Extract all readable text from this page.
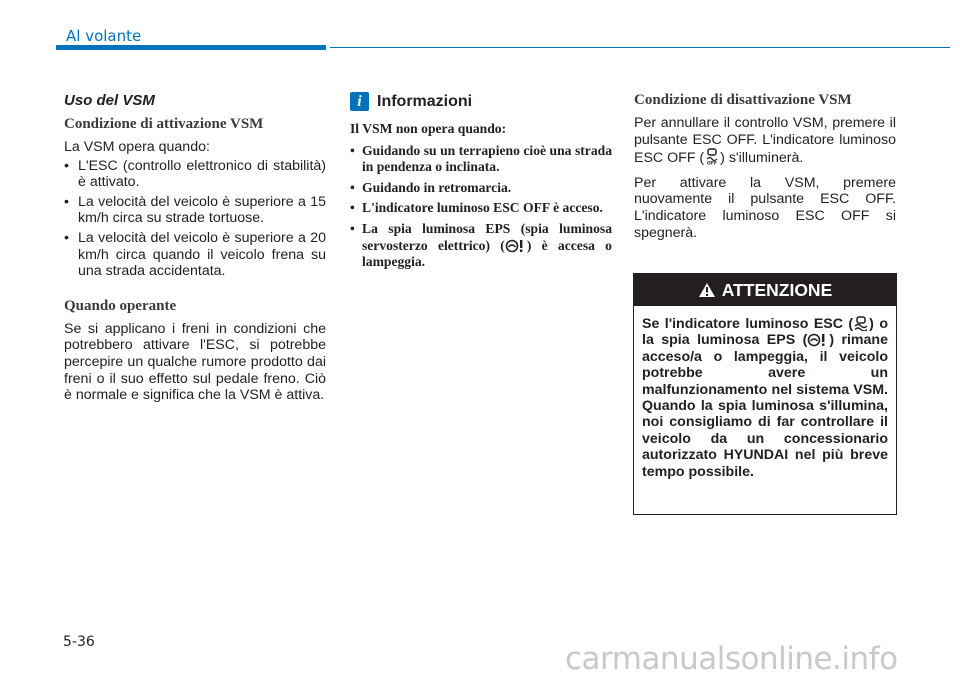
Al volante
Uso del VSM
Condizione di attivazione VSM

La VSM opera quando:

• L'ESC (controllo elettronico di stabilità) è attivato.
• La velocità del veicolo è superiore a 15 km/h circa su strade tortuose.
• La velocità del veicolo è superiore a 20 km/h circa quando il veicolo frena su una strada accidentata.
Quando operante

Se si applicano i freni in condizioni che potrebbero attivare l'ESC, si potrebbe percepire un qualche rumore prodotto dai freni o il suo effetto sul pedale freno. Ciò è normale e significa che la VSM è attiva.

i Informazioni
Il VSM non opera quando:
• Guidando su un terrapieno cioè una strada in pendenza o inclinata.
• Guidando in retromarcia.
• L'indicatore luminoso ESC OFF è acceso.
• La spia luminosa EPS (spia luminosa servosterzo elettrico) ( ) è accesa o lampeggia.
Condizione di disattivazione VSM

Per annullare il controllo VSM, premere il pulsante ESC OFF. L'indicatore luminoso ESC OFF ( OFF ) s'illuminerà.

Per attivare la VSM, premere nuovamente il pulsante ESC OFF. L'indicatore luminoso ESC OFF si spegnerà.

ATTENZIONE
Se l'indicatore luminoso ESC ( ) o la spia luminosa EPS ( ) rimane acceso/a o lampeggia, il veicolo potrebbe avere un malfunzionamento nel sistema VSM. Quando la spia luminosa s'illumina, noi consigliamo di far controllare il veicolo da un concessionario autorizzato HYUNDAI nel più breve tempo possibile.
5-36	carmanualsonline.info
